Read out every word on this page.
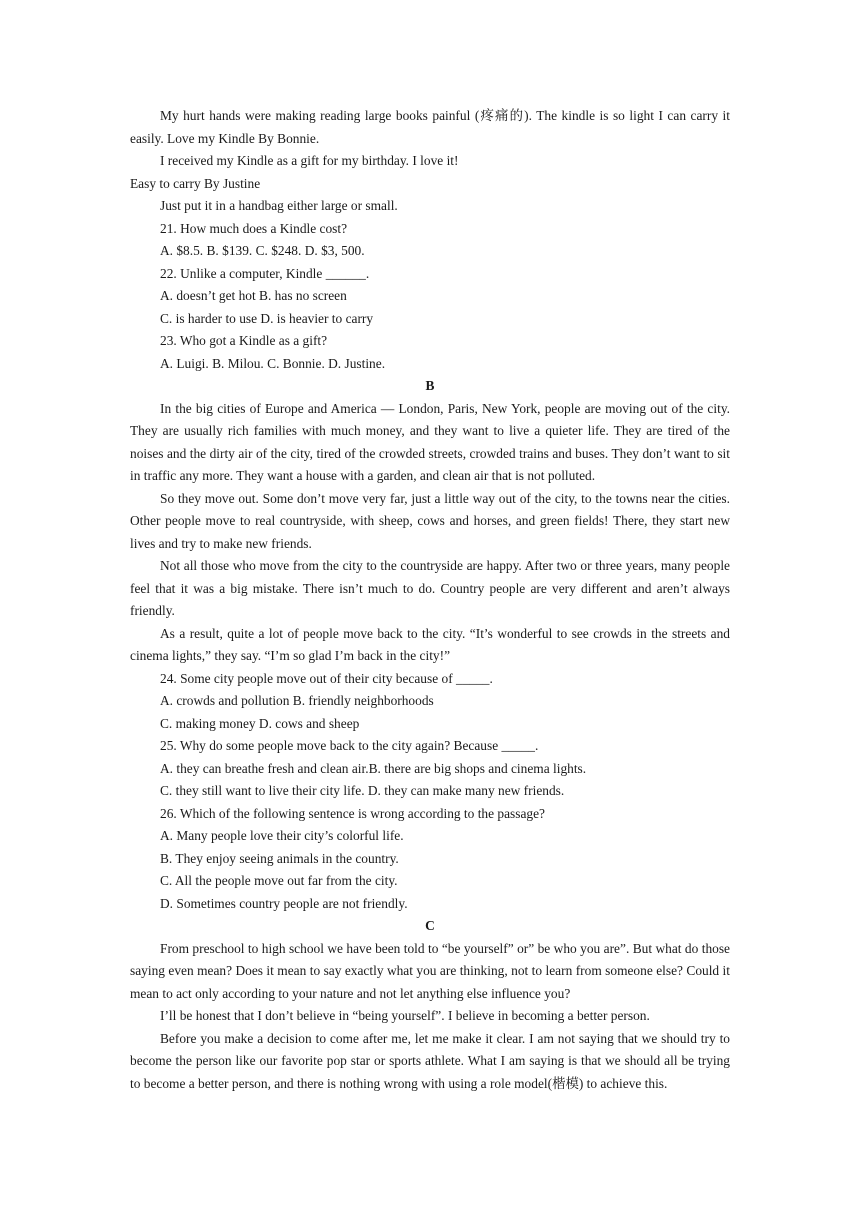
My hurt hands were making reading large books painful (疼痛的). The kindle is so light I can carry it easily. Love my Kindle By Bonnie.

I received my Kindle as a gift for my birthday. I love it!

Easy to carry By Justine

Just put it in a handbag either large or small.

21. How much does a Kindle cost?

A. $8.5. B. $139. C. $248. D. $3, 500.

22. Unlike a computer, Kindle ______.

A. doesn’t get hot B. has no screen

C. is harder to use D. is heavier to carry

23. Who got a Kindle as a gift?

A. Luigi. B. Milou. C. Bonnie. D. Justine.

B

In the big cities of Europe and America — London, Paris, New York, people are moving out of the city. They are usually rich families with much money, and they want to live a quieter life. They are tired of the noises and the dirty air of the city, tired of the crowded streets, crowded trains and buses. They don’t want to sit in traffic any more. They want a house with a garden, and clean air that is not polluted.

So they move out. Some don’t move very far, just a little way out of the city, to the towns near the cities. Other people move to real countryside, with sheep, cows and horses, and green fields! There, they start new lives and try to make new friends.

Not all those who move from the city to the countryside are happy. After two or three years, many people feel that it was a big mistake. There isn’t much to do. Country people are very different and aren’t always friendly.

As a result, quite a lot of people move back to the city. “It’s wonderful to see crowds in the streets and cinema lights,” they say. “I’m so glad I’m back in the city!”

24. Some city people move out of their city because of _____.

A. crowds and pollution B. friendly neighborhoods

C. making money D. cows and sheep

25. Why do some people move back to the city again? Because _____.

A. they can breathe fresh and clean air.B. there are big shops and cinema lights.

C. they still want to live their city life. D. they can make many new friends.

26. Which of the following sentence is wrong according to the passage?

A. Many people love their city’s colorful life.

B. They enjoy seeing animals in the country.

C. All the people move out far from the city.

D. Sometimes country people are not friendly.

C

From preschool to high school we have been told to “be yourself” or” be who you are”. But what do those saying even mean? Does it mean to say exactly what you are thinking, not to learn from someone else? Could it mean to act only according to your nature and not let anything else influence you?

I’ll be honest that I don’t believe in “being yourself”. I believe in becoming a better person.

Before you make a decision to come after me, let me make it clear. I am not saying that we should try to become the person like our favorite pop star or sports athlete. What I am saying is that we should all be trying to become a better person, and there is nothing wrong with using a role model(楷模) to achieve this.
